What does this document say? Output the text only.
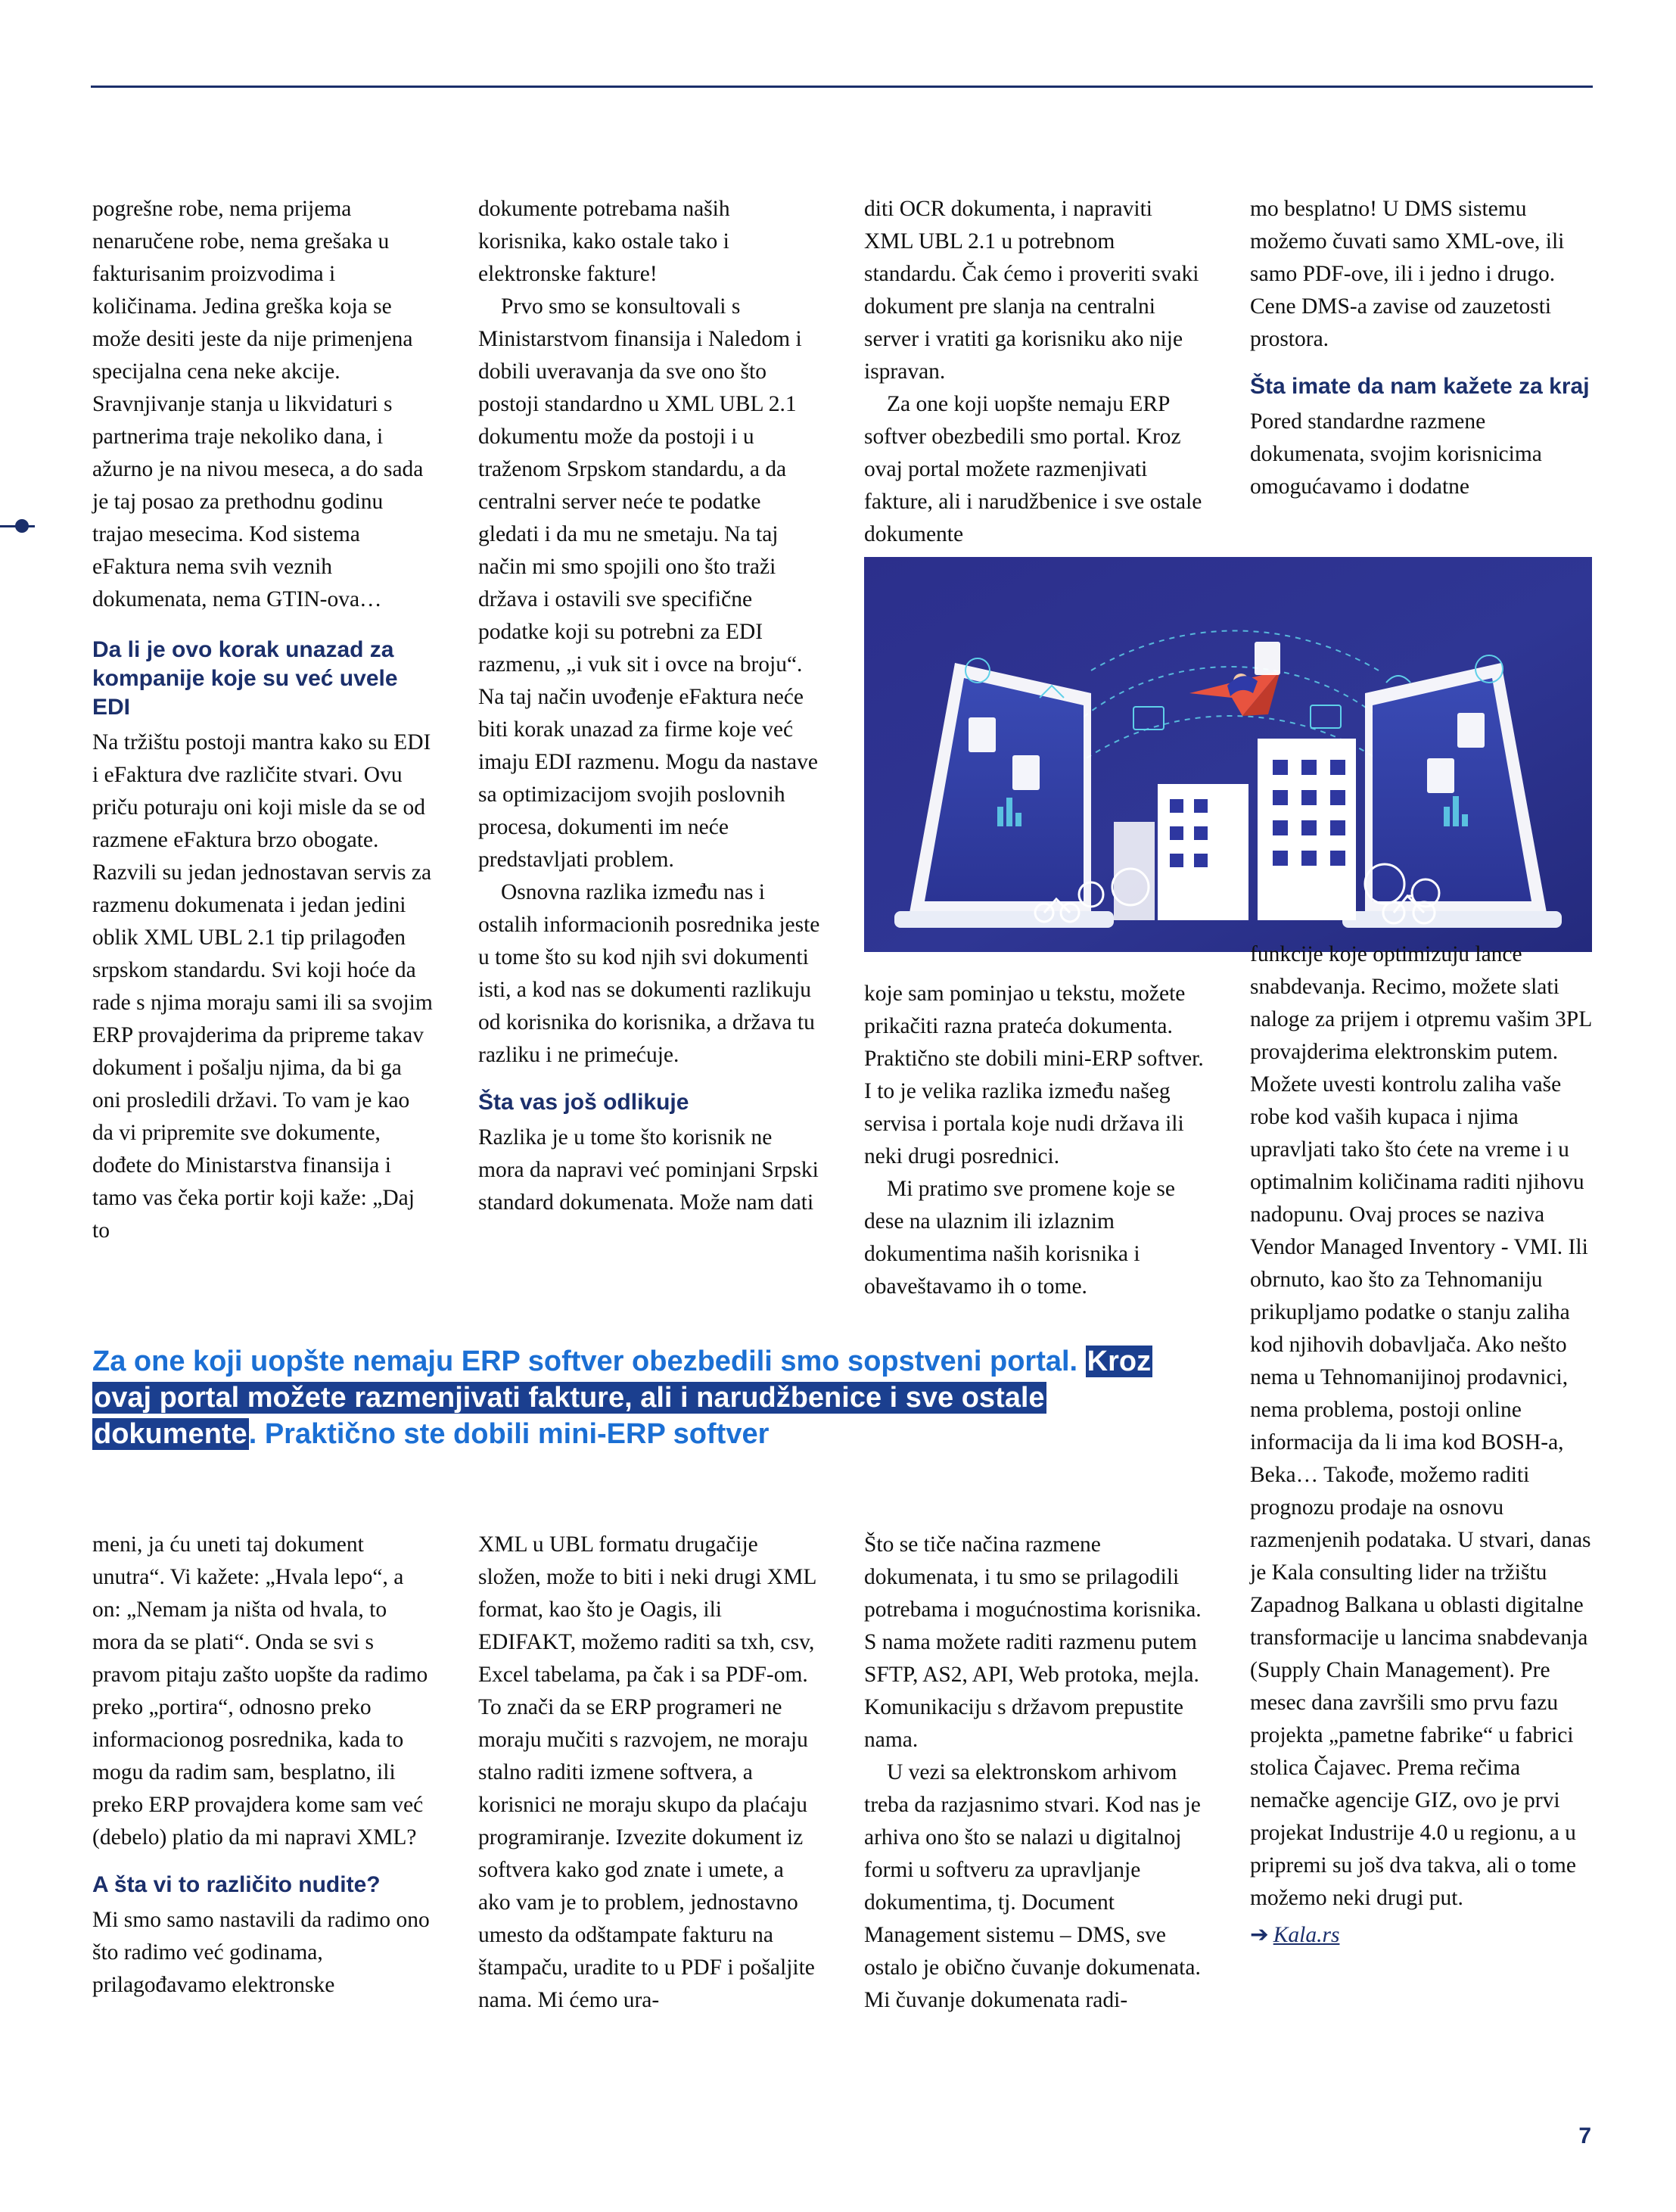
pogrešne robe, nema prijema nenaručene robe, nema grešaka u fakturisanim proizvodima i količinama. Jedina greška koja se može desiti jeste da nije primenjena specijalna cena neke akcije. Sravnjivanje stanja u likvidaturi s partnerima traje nekoliko dana, i ažurno je na nivou meseca, a do sada je taj posao za prethodnu godinu trajao mesecima. Kod sistema eFaktura nema svih veznih dokumenata, nema GTIN-ova…

Da li je ovo korak unazad za kompanije koje su već uvele EDI

Na tržištu postoji mantra kako su EDI i eFaktura dve različite stvari. Ovu priču poturaju oni koji misle da se od razmene eFaktura brzo obogate. Razvili su jedan jednostavan servis za razmenu dokumenata i jedan jedini oblik XML UBL 2.1 tip prilagođen srpskom standardu. Svi koji hoće da rade s njima moraju sami ili sa svojim ERP provajderima da pripreme takav dokument i pošalju njima, da bi ga oni prosledili državi. To vam je kao da vi pripremite sve dokumente, dođete do Ministarstva finansija i tamo vas čeka portir koji kaže: „Daj to

dokumente potrebama naših korisnika, kako ostale tako i elektronske fakture!

Prvo smo se konsultovali s Ministarstvom finansija i Naledom i dobili uveravanja da sve ono što postoji standardno u XML UBL 2.1 dokumentu može da postoji i u traženom Srpskom standardu, a da centralni server neće te podatke gledati i da mu ne smetaju. Na taj način mi smo spojili ono što traži država i ostavili sve specifične podatke koji su potrebni za EDI razmenu, „i vuk sit i ovce na broju“. Na taj način uvođenje eFaktura neće biti korak unazad za firme koje već imaju EDI razmenu. Mogu da nastave sa optimizacijom svojih poslovnih procesa, dokumenti im neće predstavljati problem.

Osnovna razlika između nas i ostalih informacionih posrednika jeste u tome što su kod njih svi dokumenti isti, a kod nas se dokumenti razlikuju od korisnika do korisnika, a država tu razliku i ne primećuje.

Šta vas još odlikuje

Razlika je u tome što korisnik ne mora da napravi već pominjani Srpski standard dokumenata. Može nam dati

diti OCR dokumenta, i napraviti XML UBL 2.1 u potrebnom standardu. Čak ćemo i proveriti svaki dokument pre slanja na centralni server i vratiti ga korisniku ako nije ispravan.

Za one koji uopšte nemaju ERP softver obezbedili smo portal. Kroz ovaj portal možete razmenjivati fakture, ali i narudžbenice i sve ostale dokumente

mo besplatno! U DMS sistemu možemo čuvati samo XML-ove, ili samo PDF-ove, ili i jedno i drugo. Cene DMS-a zavise od zauzetosti prostora.

Šta imate da nam kažete za kraj

Pored standardne razmene dokumenata, svojim korisnicima omogućavamo i dodatne

koje sam pominjao u tekstu, možete prikačiti razna prateća dokumenta. Praktično ste dobili mini-ERP softver. I to je velika razlika između našeg servisa i portala koje nudi država ili neki drugi posrednici.

Mi pratimo sve promene koje se dese na ulaznim ili izlaznim dokumentima naših korisnika i obaveštavamo ih o tome.

Za one koji uopšte nemaju ERP softver obezbedili smo sopstveni portal. Kroz ovaj portal možete razmenjivati fakture, ali i narudžbenice i sve ostale dokumente. Praktično ste dobili mini-ERP softver

meni, ja ću uneti taj dokument unutra“. Vi kažete: „Hvala lepo“, a on: „Nemam ja ništa od hvala, to mora da se plati“. Onda se svi s pravom pitaju zašto uopšte da radimo preko „portira“, odnosno preko informacionog posrednika, kada to mogu da radim sam, besplatno, ili preko ERP provajdera kome sam već (debelo) platio da mi napravi XML?

A šta vi to različito nudite?

Mi smo samo nastavili da radimo ono što radimo već godinama, prilagođavamo elektronske

XML u UBL formatu drugačije složen, može to biti i neki drugi XML format, kao što je Oagis, ili EDIFAKT, možemo raditi sa txh, csv, Excel tabelama, pa čak i sa PDF-om. To znači da se ERP programeri ne moraju mučiti s razvojem, ne moraju stalno raditi izmene softvera, a korisnici ne moraju skupo da plaćaju programiranje. Izvezite dokument iz softvera kako god znate i umete, a ako vam je to problem, jednostavno umesto da odštampate fakturu na štampaču, uradite to u PDF i pošaljite nama. Mi ćemo ura-

Što se tiče načina razmene dokumenata, i tu smo se prilagodili potrebama i mogućnostima korisnika. S nama možete raditi razmenu putem SFTP, AS2, API, Web protoka, mejla. Komunikaciju s državom prepustite nama.

U vezi sa elektronskom arhivom treba da razjasnimo stvari. Kod nas je arhiva ono što se nalazi u digitalnoj formi u softveru za upravljanje dokumentima, tj. Document Management sistemu – DMS, sve ostalo je obično čuvanje dokumenata. Mi čuvanje dokumenata radi-

funkcije koje optimizuju lance snabdevanja. Recimo, možete slati naloge za prijem i otpremu vašim 3PL provajderima elektronskim putem. Možete uvesti kontrolu zaliha vaše robe kod vaših kupaca i njima upravljati tako što ćete na vreme i u optimalnim količinama raditi njihovu nadopunu. Ovaj proces se naziva Vendor Managed Inventory - VMI. Ili obrnuto, kao što za Tehnomaniju prikupljamo podatke o stanju zaliha kod njihovih dobavljača. Ako nešto nema u Tehnomanijinoj prodavnici, nema problema, postoji online informacija da li ima kod BOSH-a, Beka… Takođe, možemo raditi prognozu prodaje na osnovu razmenjenih podataka. U stvari, danas je Kala consulting lider na tržištu Zapadnog Balkana u oblasti digitalne transformacije u lancima snabdevanja (Supply Chain Management). Pre mesec dana završili smo prvu fazu projekta „pametne fabrike“ u fabrici stolica Čajavec. Prema rečima nemačke agencije GIZ, ovo je prvi projekat Industrije 4.0 u regionu, a u pripremi su još dva takva, ali o tome možemo neki drugi put.

➔ Kala.rs

7
